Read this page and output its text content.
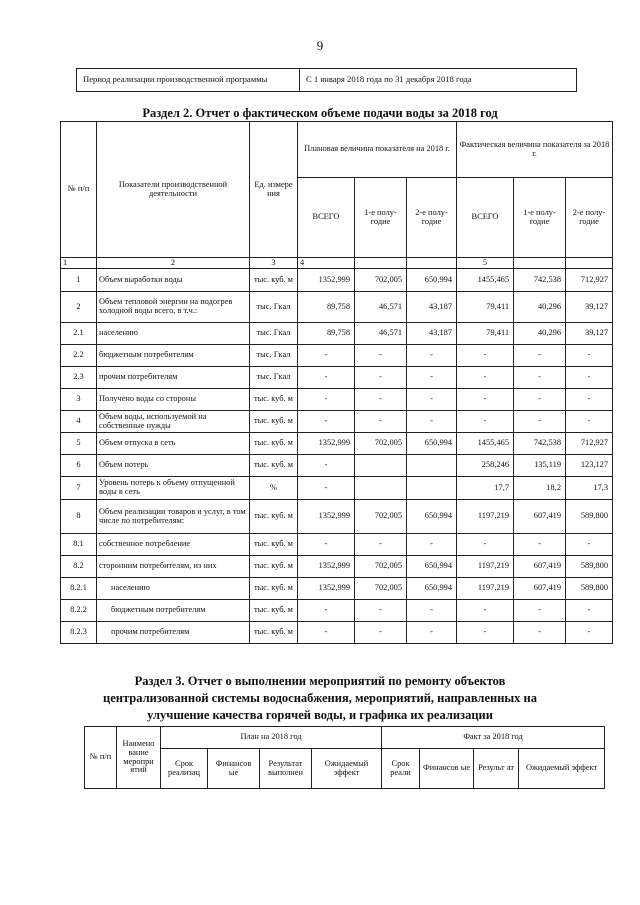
9
Период реализации производственной программы	С 1 января 2018 года по 31 декабря 2018 года
Раздел 2. Отчет о фактическом объеме подачи воды за 2018 год
№ п/п	Показатели производственной деятельности	Ед. измере ния	Плановая величина показателя на 2018 г.			Фактическая величина показателя за 2018 г.		
			ВСЕГО	1-е полу- годие	2-е полу- годие	ВСЕГО	1-е полу- годие	2-е полу- годие
1	2	3	4			5		
1	Объем выработки воды	тыс. куб. м	1352,999	702,005	650,994	1455,465	742,538	712,927
2	Объем тепловой энергии на подогрев холодной воды всего, в т.ч.:	тыс. Гкал	89,758	46,571	43,187	79,411	40,296	39,127
2.1	населению	тыс. Гкал	89,758	46,571	43,187	79,411	40,296	39,127
2.2	бюджетным потребителям	тыс. Гкал	-	-	-	-	-	-
2.3	прочим потребителям	тыс. Гкал	-	-	-	-	-	-
3	Получено воды со стороны	тыс. куб. м	-	-	-	-	-	-
4	Объем воды, используемой на собственные нужды	тыс. куб. м	-	-	-	-	-	-
5	Объем отпуска в сеть	тыс. куб. м	1352,999	702,005	650,994	1455,465	742,538	712,927
6	Объем потерь	тыс. куб. м	-			258,246	135,119	123,127
7	Уровень потерь к объему отпущенной воды в сеть	%	-			17,7	18,2	17,3
8	Объем реализации товаров и услуг, в том числе по потребителям:	тыс. куб. м	1352,999	702,005	650,994	1197,219	607,419	589,800
8.1	собственное потребление	тыс. куб. м	-	-	-	-	-	-
8.2	сторонним потребителям, из них	тыс. куб. м	1352,999	702,005	650,994	1197,219	607,419	589,800
8.2.1	населению	тыс. куб. м	1352,999	702,005	650,994	1197,219	607,419	589,800
8.2.2	бюджетным потребителям	тыс. куб. м	-	-	-	-	-	-
8.2.3	прочим потребителям	тыс. куб. м	-	-	-	-	-	-
Раздел 3. Отчет о выполнении мероприятий по ремонту объектов
централизованной системы водоснабжения, мероприятий, направленных на
улучшение качества горячей воды, и графика их реализации
№ п/п	Наимено вание меропри ятий	План на 2018 год				Факт за 2018 год			
		Срок реализац	Финансов ые	Результат выполнен	Ожидаемый эффект	Срок реали	Финансов ые	Результ ат	Ожидаемый эффект
